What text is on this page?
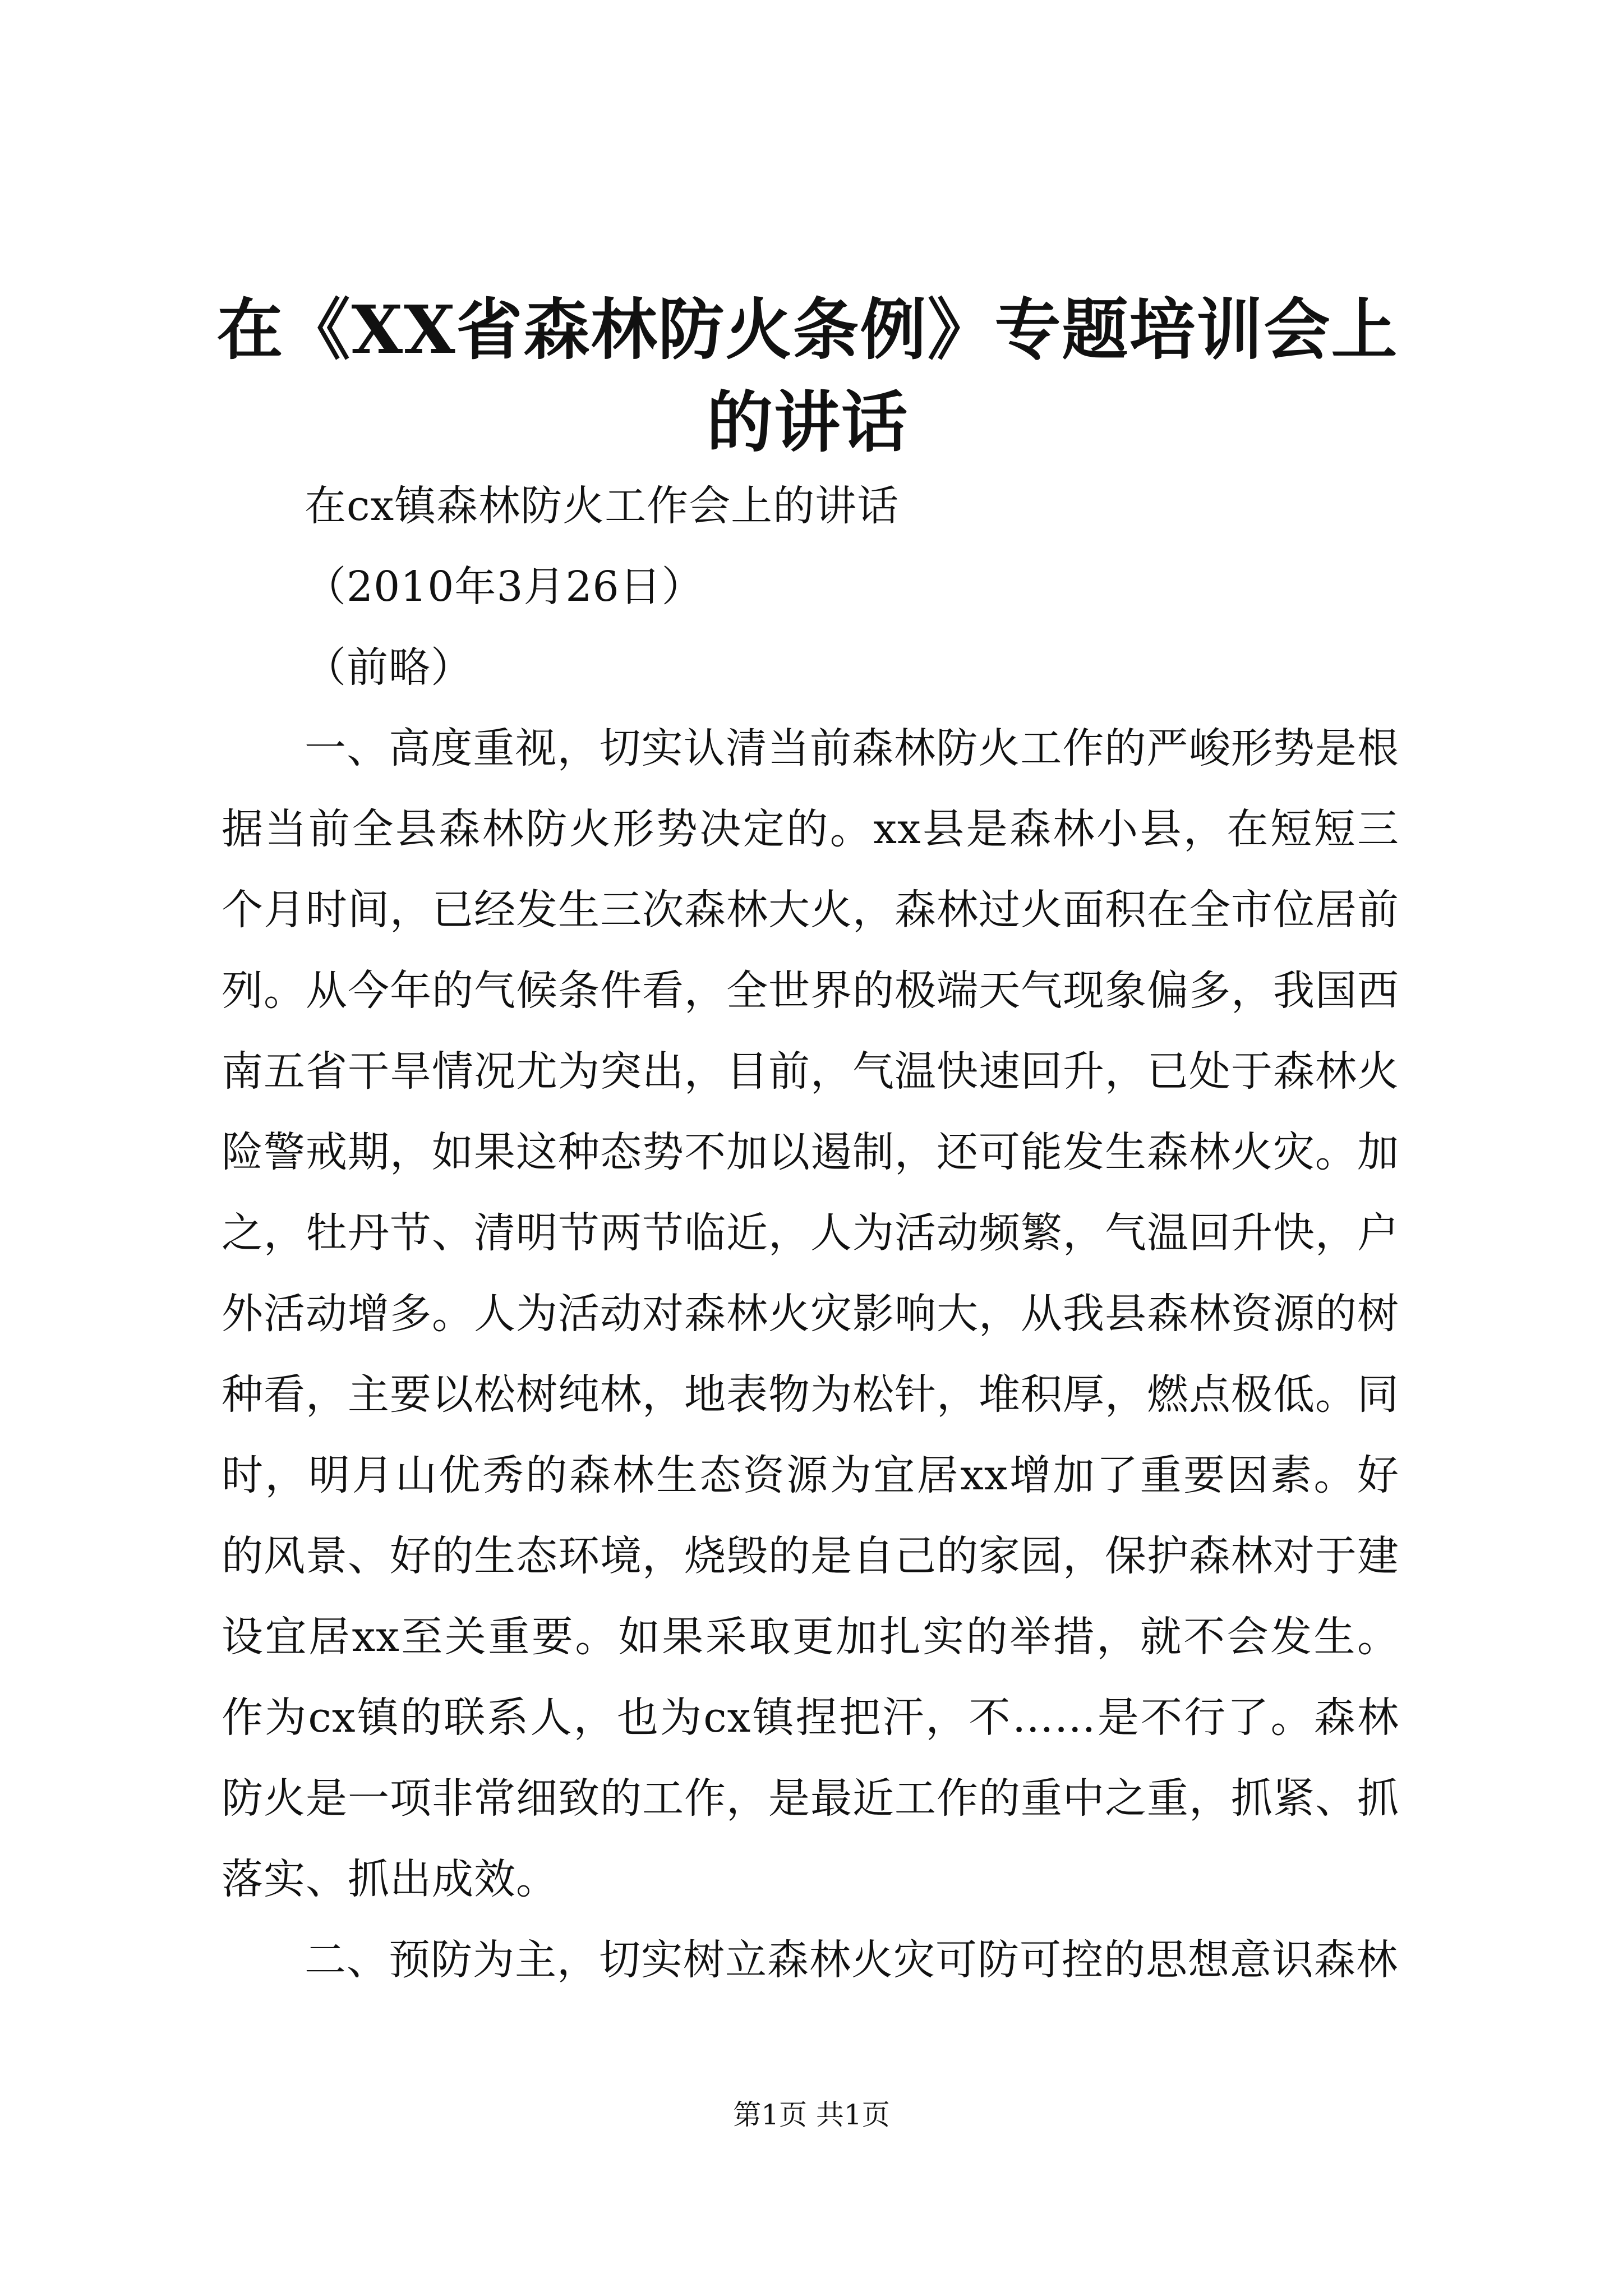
在《XX省森林防火条例》专题培训会上的讲话

在cx镇森林防火工作会上的讲话

（2010年3月26日）

（前略）

一、高度重视，切实认清当前森林防火工作的严峻形势是根据当前全县森林防火形势决定的。xx县是森林小县，在短短三个月时间，已经发生三次森林大火，森林过火面积在全市位居前列。从今年的气候条件看，全世界的极端天气现象偏多，我国西南五省干旱情况尤为突出，目前，气温快速回升，已处于森林火险警戒期，如果这种态势不加以遏制，还可能发生森林火灾。加之，牡丹节、清明节两节临近，人为活动频繁，气温回升快，户外活动增多。人为活动对森林火灾影响大，从我县森林资源的树种看，主要以松树纯林，地表物为松针，堆积厚，燃点极低。同时，明月山优秀的森林生态资源为宜居xx增加了重要因素。好的风景、好的生态环境，烧毁的是自己的家园，保护森林对于建设宜居xx至关重要。如果采取更加扎实的举措，就不会发生。作为cx镇的联系人，也为cx镇捏把汗，不……是不行了。森林防火是一项非常细致的工作，是最近工作的重中之重，抓紧、抓落实、抓出成效。

二、预防为主，切实树立森林火灾可防可控的思想意识森林

第1页 共1页
